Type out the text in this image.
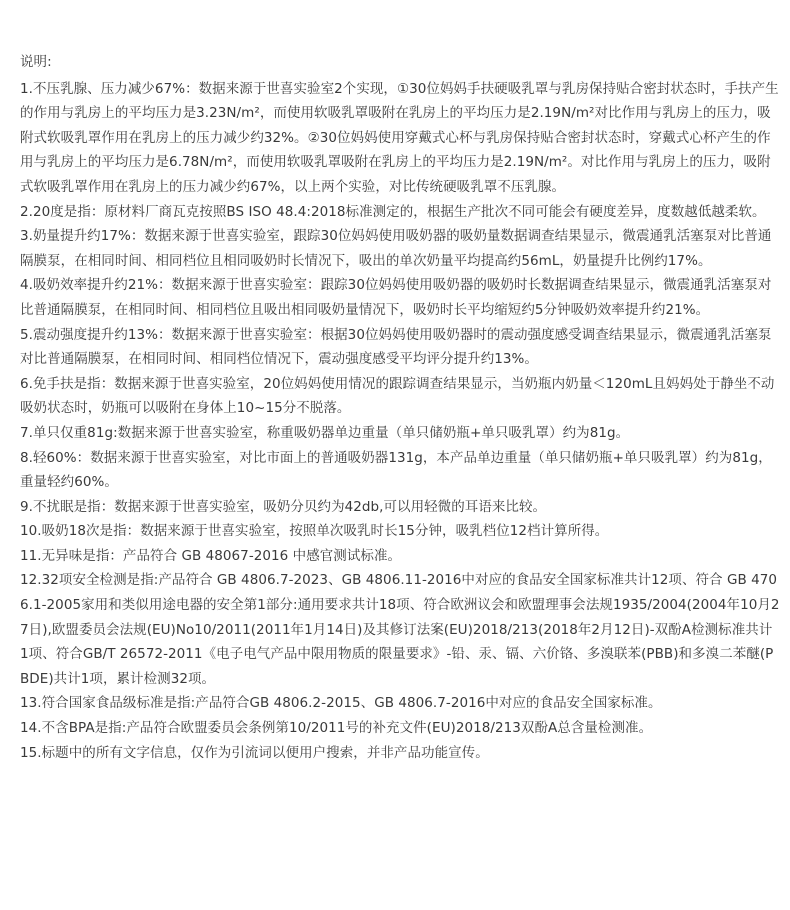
说明:

1.不压乳腺、压力减少67%：数据来源于世喜实验室2个实现，①30位妈妈手扶硬吸乳罩与乳房保持贴合密封状态时，手扶产生的作用与乳房上的平均压力是3.23N/m²，而使用软吸乳罩吸附在乳房上的平均压力是2.19N/m²对比作用与乳房上的压力，吸附式软吸乳罩作用在乳房上的压力减少约32%。②30位妈妈使用穿戴式心杯与乳房保持贴合密封状态时，穿戴式心杯产生的作用与乳房上的平均压力是6.78N/m²，而使用软吸乳罩吸附在乳房上的平均压力是2.19N/m²。对比作用与乳房上的压力，吸附式软吸乳罩作用在乳房上的压力减少约67%，以上两个实验，对比传统硬吸乳罩不压乳腺。

2.20度是指：原材料厂商瓦克按照BS ISO 48.4:2018标准测定的，根据生产批次不同可能会有硬度差异，度数越低越柔软。

3.奶量提升约17%：数据来源于世喜实验室，跟踪30位妈妈使用吸奶器的吸奶量数据调查结果显示，微震通乳活塞泵对比普通隔膜泵，在相同时间、相同档位且相同吸奶时长情况下，吸出的单次奶量平均提高约56mL，奶量提升比例约17%。

4.吸奶效率提升约21%：数据来源于世喜实验室：跟踪30位妈妈使用吸奶器的吸奶时长数据调查结果显示，微震通乳活塞泵对比普通隔膜泵，在相同时间、相同档位且吸出相同吸奶量情况下，吸奶时长平均缩短约5分钟吸奶效率提升约21%。

5.震动强度提升约13%：数据来源于世喜实验室：根据30位妈妈使用吸奶器时的震动强度感受调查结果显示，微震通乳活塞泵对比普通隔膜泵，在相同时间、相同档位情况下，震动强度感受平均评分提升约13%。

6.免手扶是指：数据来源于世喜实验室，20位妈妈使用情况的跟踪调查结果显示，当奶瓶内奶量＜120mL且妈妈处于静坐不动吸奶状态时，奶瓶可以吸附在身体上10~15分不脱落。

7.单只仅重81g:数据来源于世喜实验室，称重吸奶器单边重量（单只储奶瓶+单只吸乳罩）约为81g。

8.轻60%：数据来源于世喜实验室，对比市面上的普通吸奶器131g，本产品单边重量（单只储奶瓶+单只吸乳罩）约为81g，重量轻约60%。

9.不扰眠是指：数据来源于世喜实验室，吸奶分贝约为42db,可以用轻微的耳语来比较。

10.吸奶18次是指：数据来源于世喜实验室，按照单次吸乳时长15分钟，吸乳档位12档计算所得。

11.无异味是指：产品符合 GB 48067-2016 中感官测试标准。

12.32项安全检测是指:产品符合 GB 4806.7-2023、GB 4806.11-2016中对应的食品安全国家标准共计12项、符合 GB 4706.1-2005家用和类似用途电器的安全第1部分:通用要求共计18项、符合欧洲议会和欧盟理事会法规1935/2004(2004年10月27日),欧盟委员会法规(EU)No10/2011(2011年1月14日)及其修订法案(EU)2018/213(2018年2月12日)-双酚A检测标准共计1项、符合GB/T 26572-2011《电子电气产品中限用物质的限量要求》-铅、汞、镉、六价铬、多溴联苯(PBB)和多溴二苯醚(PBDE)共计1项，累计检测32项。

13.符合国家食品级标准是指:产品符合GB 4806.2-2015、GB 4806.7-2016中对应的食品安全国家标准。

14.不含BPA是指:产品符合欧盟委员会条例第10/2011号的补充文件(EU)2018/213双酚A总含量检测准。

15.标题中的所有文字信息，仅作为引流词以便用户搜索，并非产品功能宣传。
